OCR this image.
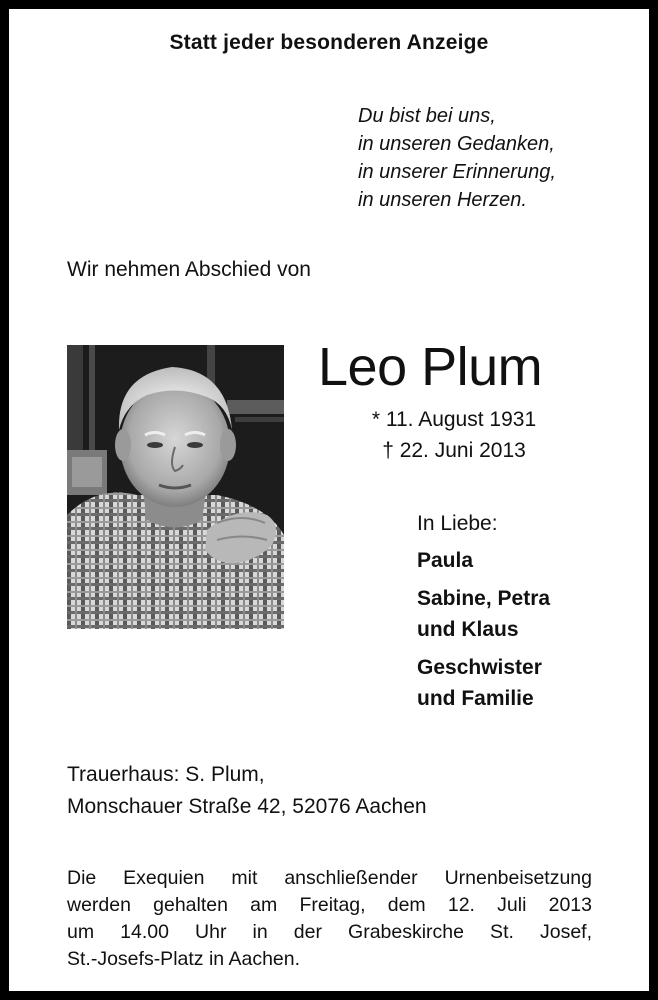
Statt jeder besonderen Anzeige
Du bist bei uns,
in unseren Gedanken,
in unserer Erinnerung,
in unseren Herzen.
Wir nehmen Abschied von
Leo Plum
* 11. August 1931
† 22. Juni 2013
In Liebe:
Paula
Sabine, Petra
und Klaus
Geschwister
und Familie
Trauerhaus: S. Plum,
Monschauer Straße 42, 52076 Aachen
Die Exequien mit anschließender Urnenbeisetzung
werden gehalten am Freitag, dem 12. Juli 2013
um 14.00 Uhr in der Grabeskirche St. Josef,
St.-Josefs-Platz in Aachen.
